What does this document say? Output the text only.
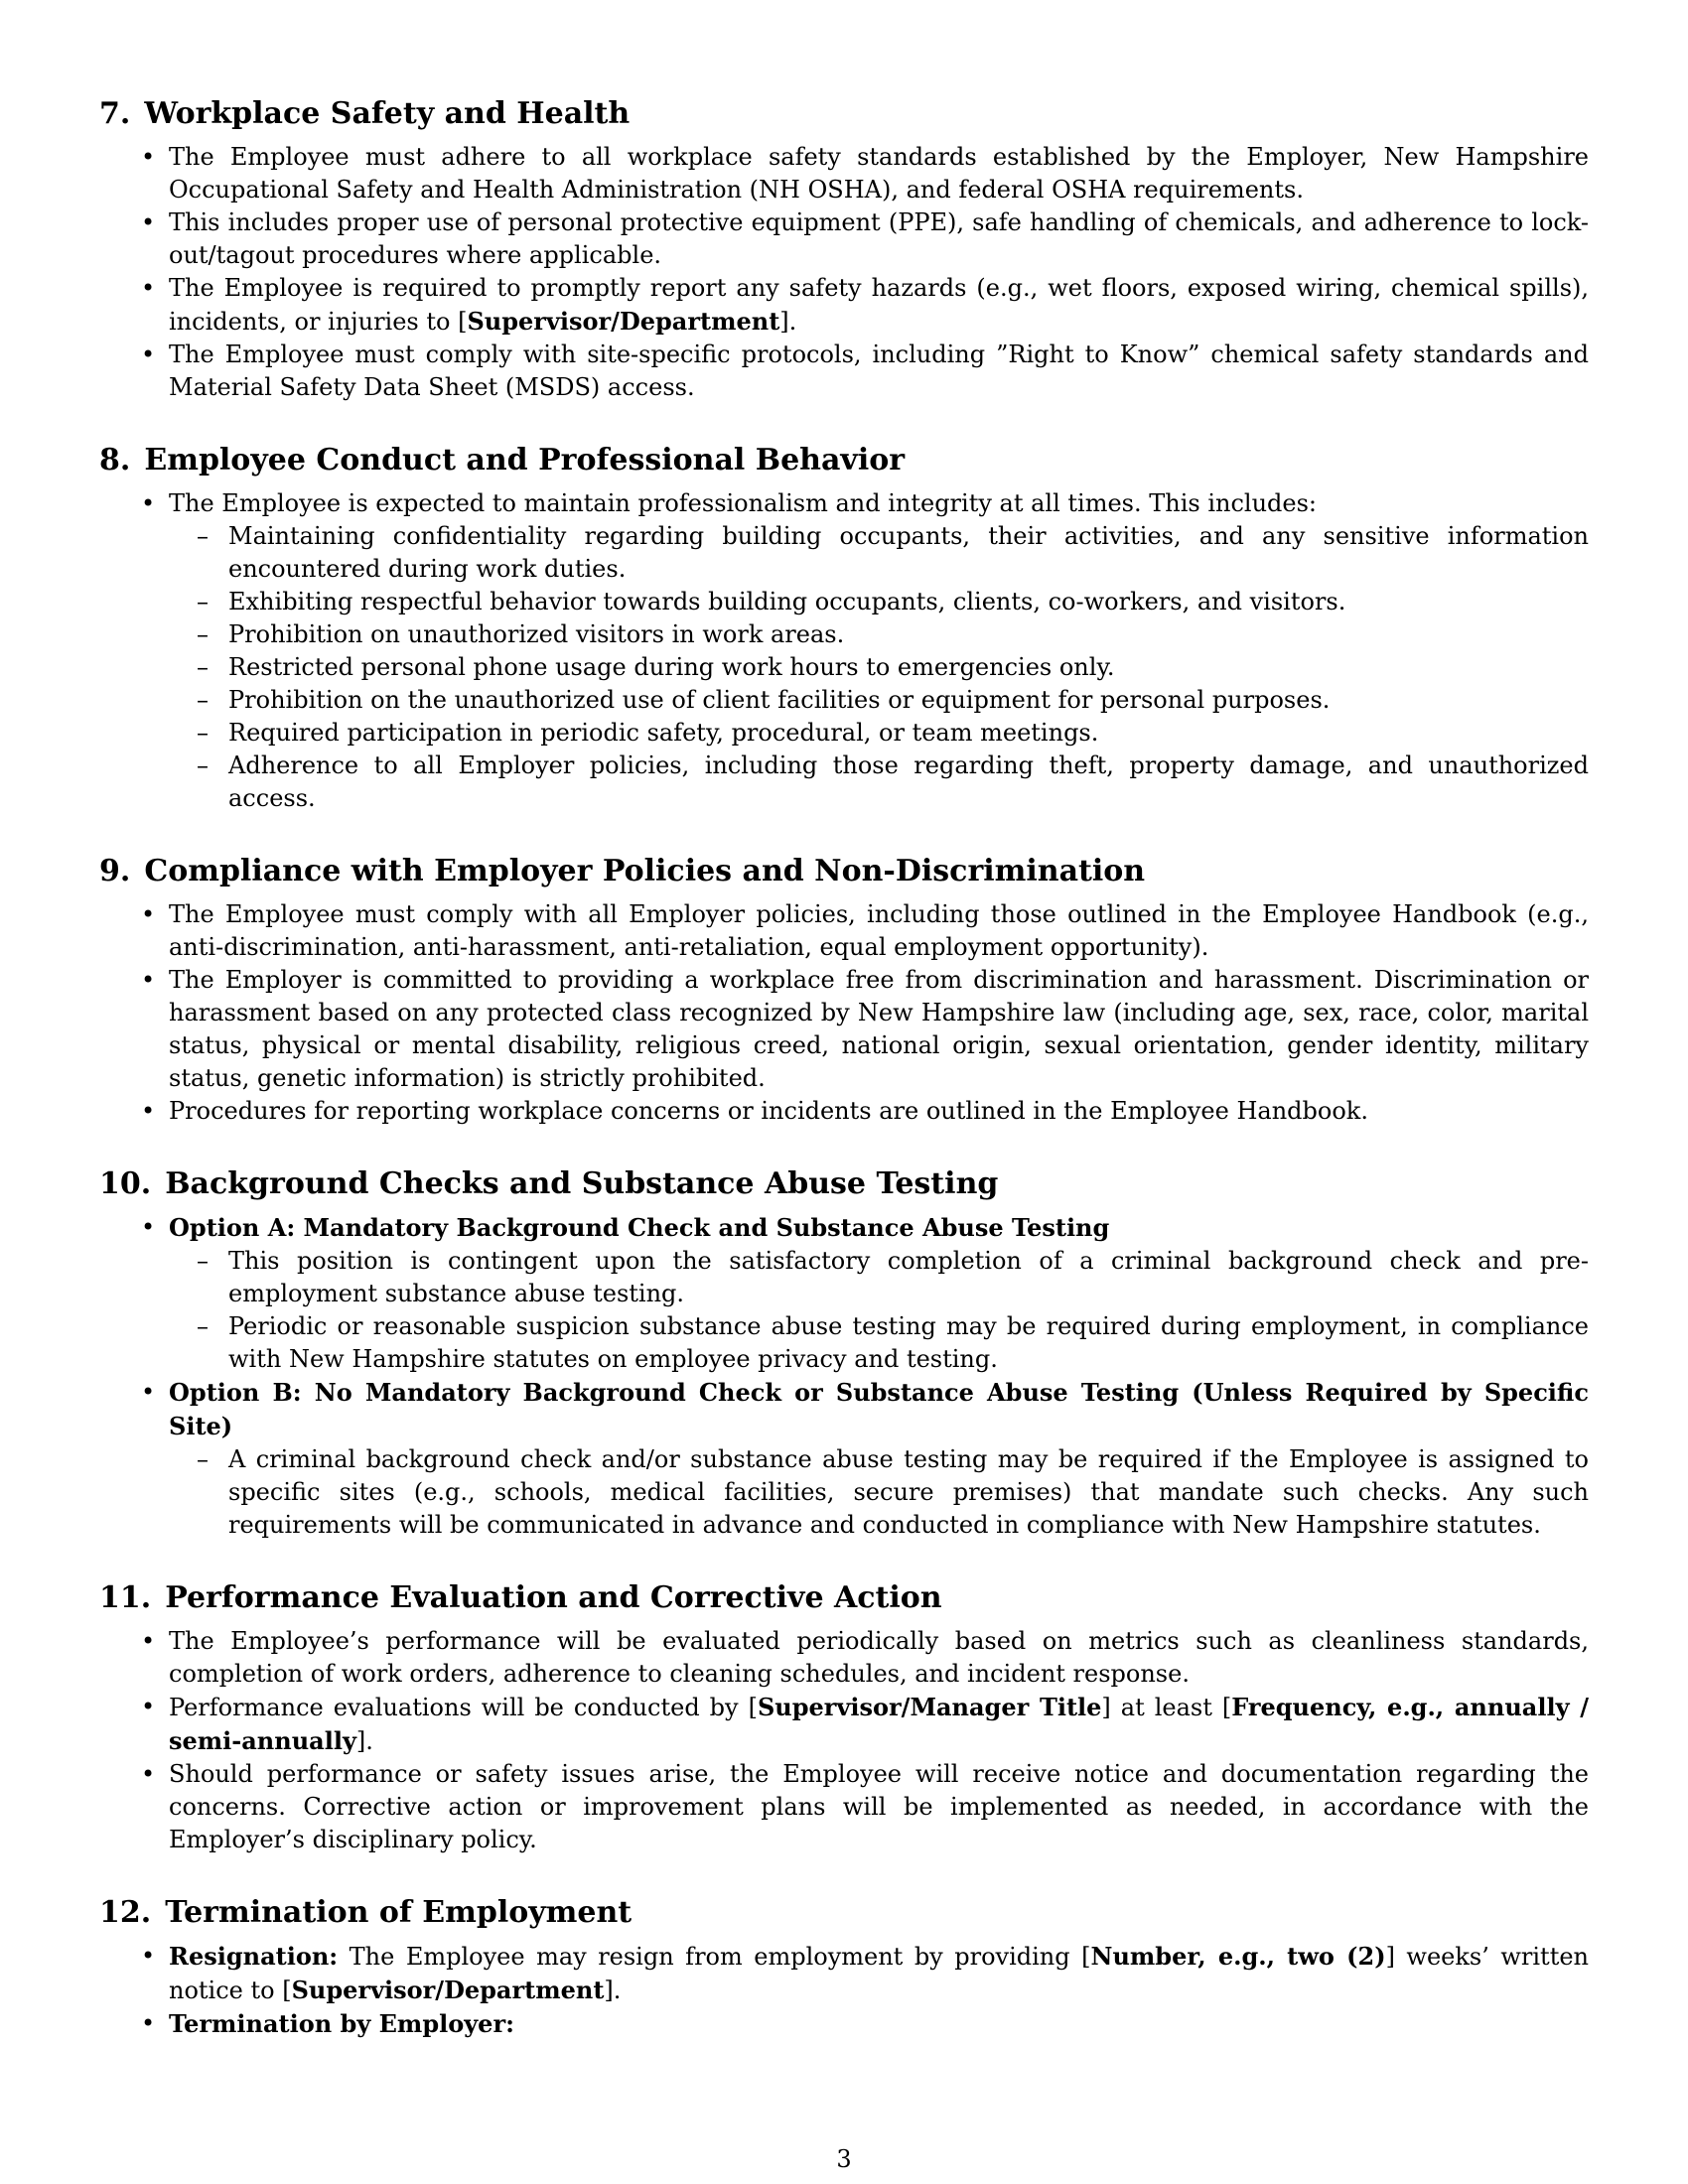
7. Workplace Safety and Health
• The Employee must adhere to all workplace safety standards established by the Employer, New Hampshire Occupational Safety and Health Administration (NH OSHA), and federal OSHA requirements.
• This includes proper use of personal protective equipment (PPE), safe handling of chemicals, and adherence to lock-out/tagout procedures where applicable.
• The Employee is required to promptly report any safety hazards (e.g., wet floors, exposed wiring, chemical spills), incidents, or injuries to [Supervisor/Department].
• The Employee must comply with site-specific protocols, including ”Right to Know” chemical safety standards and Material Safety Data Sheet (MSDS) access.
8. Employee Conduct and Professional Behavior
• The Employee is expected to maintain professionalism and integrity at all times. This includes:
– Maintaining confidentiality regarding building occupants, their activities, and any sensitive information encountered during work duties.
– Exhibiting respectful behavior towards building occupants, clients, co-workers, and visitors.
– Prohibition on unauthorized visitors in work areas.
– Restricted personal phone usage during work hours to emergencies only.
– Prohibition on the unauthorized use of client facilities or equipment for personal purposes.
– Required participation in periodic safety, procedural, or team meetings.
– Adherence to all Employer policies, including those regarding theft, property damage, and unauthorized access.
9. Compliance with Employer Policies and Non-Discrimination
• The Employee must comply with all Employer policies, including those outlined in the Employee Handbook (e.g., anti-discrimination, anti-harassment, anti-retaliation, equal employment opportunity).
• The Employer is committed to providing a workplace free from discrimination and harassment. Discrimination or harassment based on any protected class recognized by New Hampshire law (including age, sex, race, color, marital status, physical or mental disability, religious creed, national origin, sexual orientation, gender identity, military status, genetic information) is strictly prohibited.
• Procedures for reporting workplace concerns or incidents are outlined in the Employee Handbook.
10. Background Checks and Substance Abuse Testing
• Option A: Mandatory Background Check and Substance Abuse Testing
– This position is contingent upon the satisfactory completion of a criminal background check and pre-employment substance abuse testing.
– Periodic or reasonable suspicion substance abuse testing may be required during employment, in compliance with New Hampshire statutes on employee privacy and testing.
• Option B: No Mandatory Background Check or Substance Abuse Testing (Unless Required by Specific Site)
– A criminal background check and/or substance abuse testing may be required if the Employee is assigned to specific sites (e.g., schools, medical facilities, secure premises) that mandate such checks. Any such requirements will be communicated in advance and conducted in compliance with New Hampshire statutes.
11. Performance Evaluation and Corrective Action
• The Employee’s performance will be evaluated periodically based on metrics such as cleanliness standards, completion of work orders, adherence to cleaning schedules, and incident response.
• Performance evaluations will be conducted by [Supervisor/Manager Title] at least [Frequency, e.g., annually / semi-annually].
• Should performance or safety issues arise, the Employee will receive notice and documentation regarding the concerns. Corrective action or improvement plans will be implemented as needed, in accordance with the Employer’s disciplinary policy.
12. Termination of Employment
• Resignation: The Employee may resign from employment by providing [Number, e.g., two (2)] weeks’ written notice to [Supervisor/Department].
• Termination by Employer:
3
